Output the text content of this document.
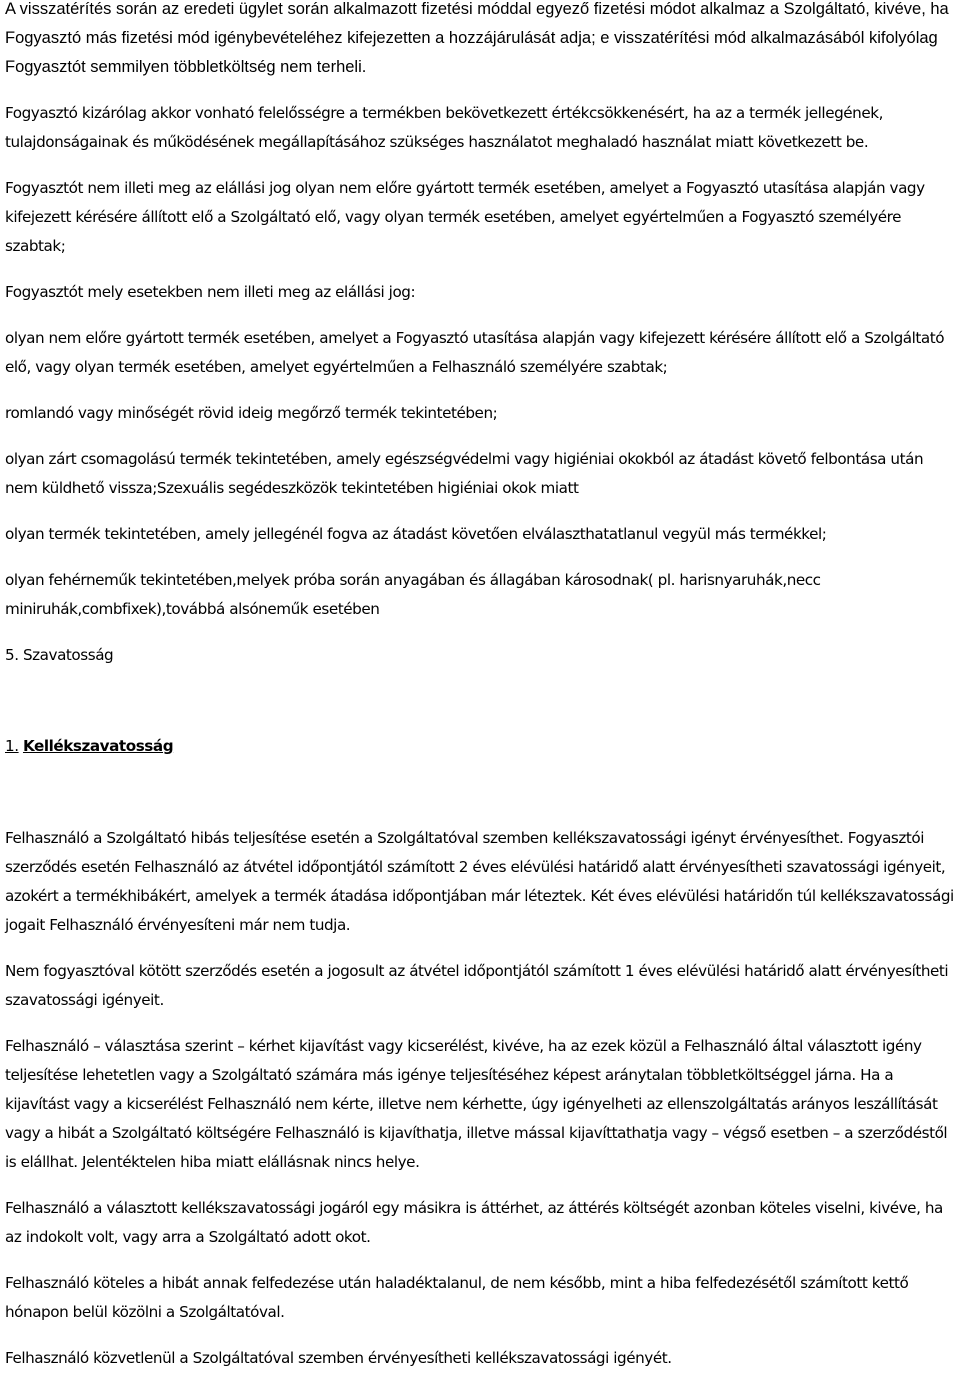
A visszatérítés során az eredeti ügylet során alkalmazott fizetési móddal egyező fizetési módot alkalmaz a Szolgáltató, kivéve, ha Fogyasztó más fizetési mód igénybevételéhez kifejezetten a hozzájárulását adja; e visszatérítési mód alkalmazásából kifolyólag Fogyasztót semmilyen többletköltség nem terheli.

Fogyasztó kizárólag akkor vonható felelősségre a termékben bekövetkezett értékcsökkenésért, ha az a termék jellegének, tulajdonságainak és működésének megállapításához szükséges használatot meghaladó használat miatt következett be.

Fogyasztót nem illeti meg az elállási jog olyan nem előre gyártott termék esetében, amelyet a Fogyasztó utasítása alapján vagy kifejezett kérésére állított elő a Szolgáltató elő, vagy olyan termék esetében, amelyet egyértelműen a Fogyasztó személyére szabtak;

Fogyasztót mely esetekben nem illeti meg az elállási jog:

olyan nem előre gyártott termék esetében, amelyet a Fogyasztó utasítása alapján vagy kifejezett kérésére állított elő a Szolgáltató elő, vagy olyan termék esetében, amelyet egyértelműen a Felhasználó személyére szabtak;

romlandó vagy minőségét rövid ideig megőrző termék tekintetében;

olyan zárt csomagolású termék tekintetében, amely egészségvédelmi vagy higiéniai okokból az átadást követő felbontása után nem küldhető vissza;Szexuális segédeszközök tekintetében higiéniai okok miatt

olyan termék tekintetében, amely jellegénél fogva az átadást követően elválaszthatatlanul vegyül más termékkel;

olyan fehérneműk tekintetében,melyek próba során anyagában és állagában károsodnak( pl. harisnyaruhák,necc miniruhák,combfixek),továbbá alsóneműk esetében

5. Szavatosság

1. Kellékszavatosság

Felhasználó a Szolgáltató hibás teljesítése esetén a Szolgáltatóval szemben kellékszavatossági igényt érvényesíthet. Fogyasztói szerződés esetén Felhasználó az átvétel időpontjától számított 2 éves elévülési határidő alatt érvényesítheti szavatossági igényeit, azokért a termékhibákért, amelyek a termék átadása időpontjában már léteztek. Két éves elévülési határidőn túl kellékszavatossági jogait Felhasználó érvényesíteni már nem tudja.

Nem fogyasztóval kötött szerződés esetén a jogosult az átvétel időpontjától számított 1 éves elévülési határidő alatt érvényesítheti szavatossági igényeit.

Felhasználó – választása szerint – kérhet kijavítást vagy kicserélést, kivéve, ha az ezek közül a Felhasználó által választott igény teljesítése lehetetlen vagy a Szolgáltató számára más igénye teljesítéséhez képest aránytalan többletköltséggel járna. Ha a kijavítást vagy a kicserélést Felhasználó nem kérte, illetve nem kérhette, úgy igényelheti az ellenszolgáltatás arányos leszállítását vagy a hibát a Szolgáltató költségére Felhasználó is kijavíthatja, illetve mással kijavíttathatja vagy – végső esetben – a szerződéstől is elállhat. Jelentéktelen hiba miatt elállásnak nincs helye.

Felhasználó a választott kellékszavatossági jogáról egy másikra is áttérhet, az áttérés költségét azonban köteles viselni, kivéve, ha az indokolt volt, vagy arra a Szolgáltató adott okot.

Felhasználó köteles a hibát annak felfedezése után haladéktalanul, de nem később, mint a hiba felfedezésétől számított kettő hónapon belül közölni a Szolgáltatóval.

Felhasználó közvetlenül a Szolgáltatóval szemben érvényesítheti kellékszavatossági igényét.
